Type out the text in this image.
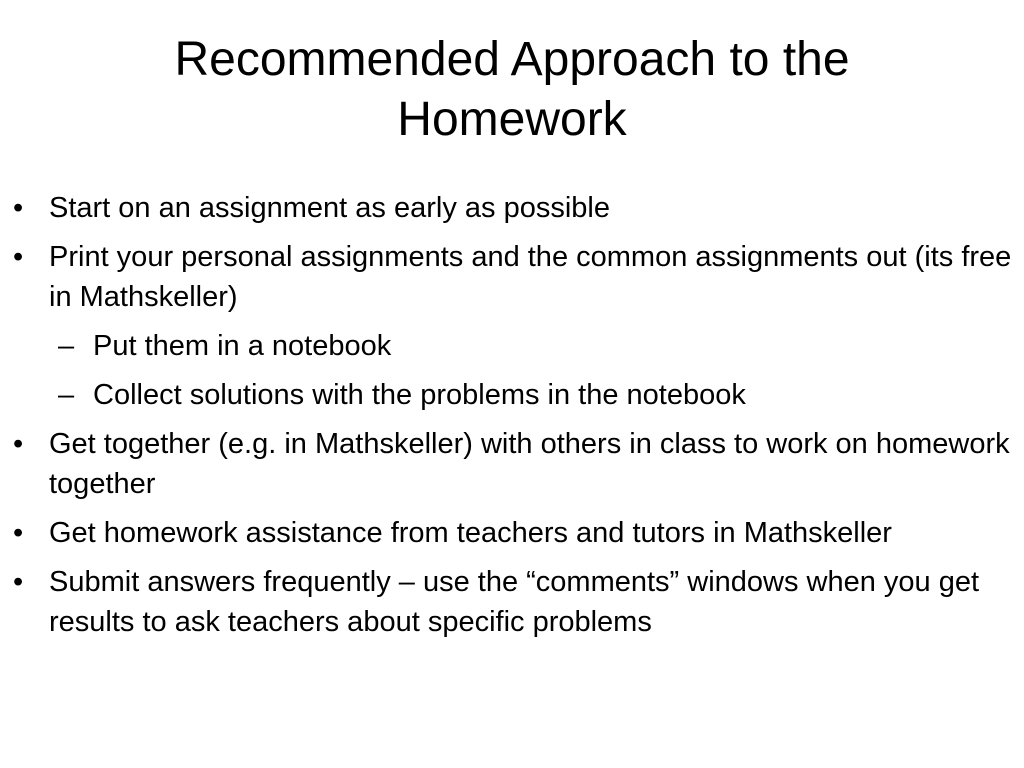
Recommended Approach to the Homework
• Start on an assignment as early as possible
• Print your personal assignments and the common assignments out (its free in Mathskeller)
– Put them in a notebook
– Collect solutions with the problems in the notebook
• Get together (e.g. in Mathskeller) with others in class to work on homework together
• Get homework assistance from teachers and tutors in Mathskeller
• Submit answers frequently – use the “comments” windows when you get results to ask teachers about specific problems
